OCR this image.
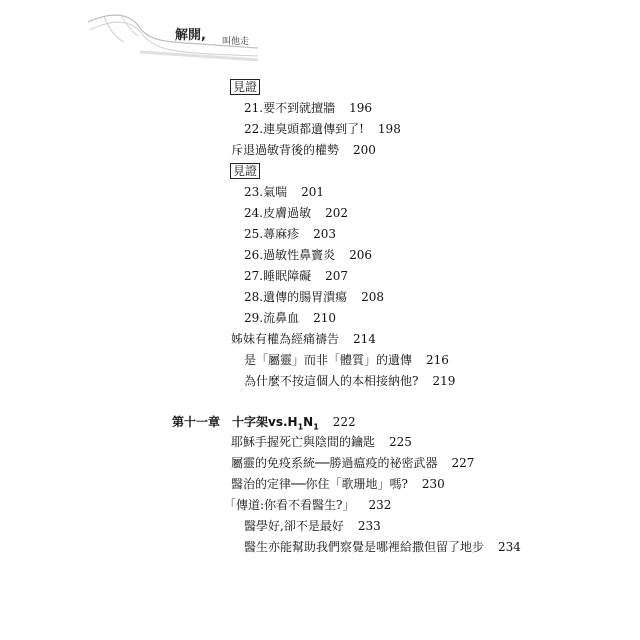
解開, 叫他走
見證
21.要不到就擅牆 196
22.連臭頭都遺傳到了! 198
斥退過敏背後的權勢 200
見證
23.氣喘 201
24.皮膚過敏 202
25.蕁麻疹 203
26.過敏性鼻竇炎 206
27.睡眠障礙 207
28.遺傳的腸胃潰瘍 208
29.流鼻血 210
姊妹有權為經痛禱告 214
是「屬靈」而非「體質」的遺傳 216
為什麼不按這個人的本相接納他? 219
第十一章 十字架$vs.H_1N_1$ 222
耶穌手握死亡與陰間的鑰匙 225
屬靈的免疫系統──勝過瘟疫的祕密武器 227
醫治的定律──你住「歌珊地」嗎? 230
「傳道:你看不看醫生?」 232
醫學好,卻不是最好 233
醫生亦能幫助我們察覺是哪裡給撒但留了地步 234
